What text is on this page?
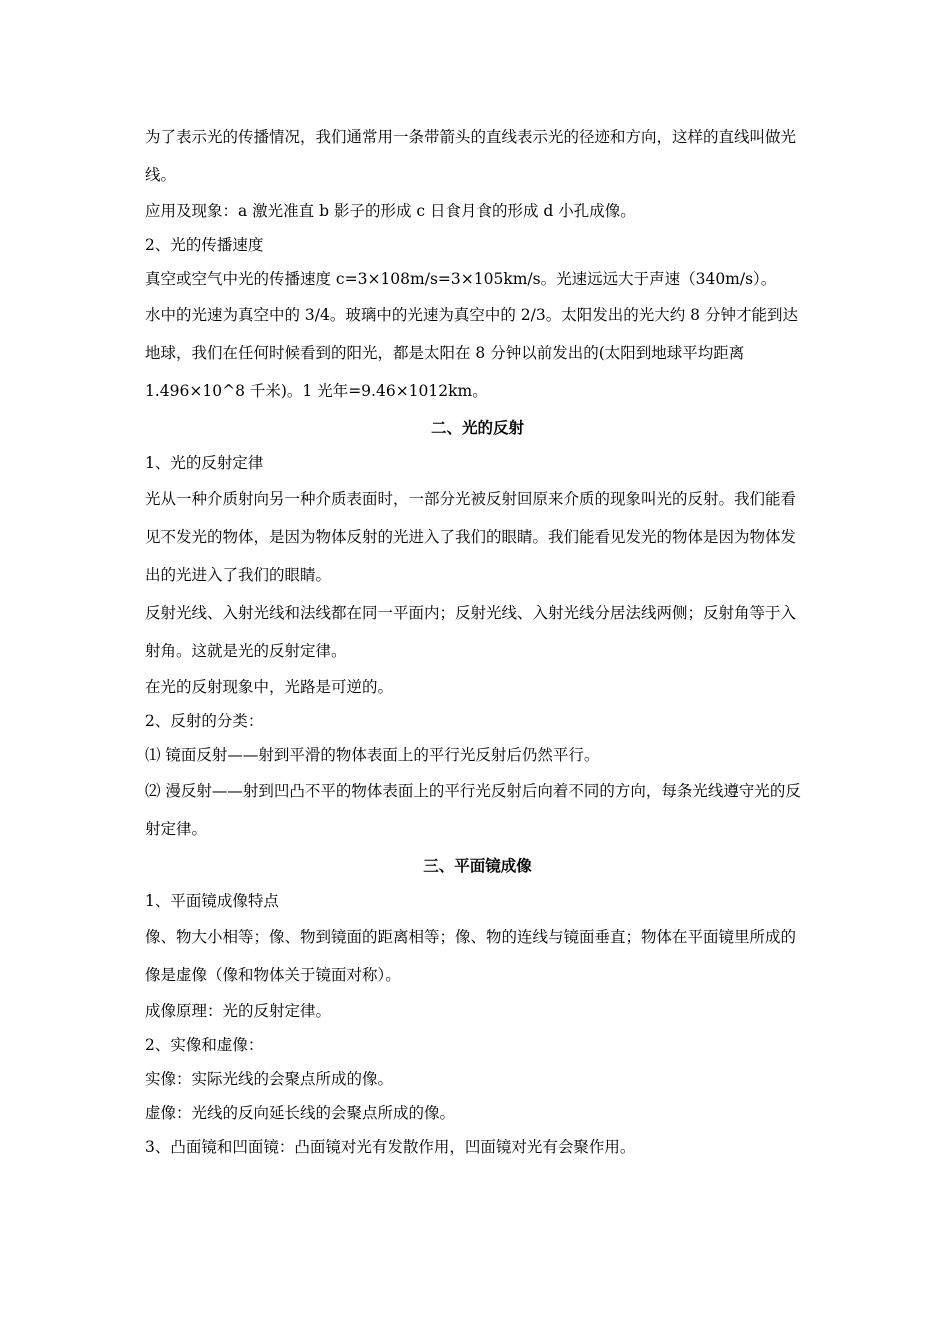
为了表示光的传播情况，我们通常用一条带箭头的直线表示光的径迹和方向，这样的直线叫做光线。

应用及现象：a 激光准直 b 影子的形成 c 日食月食的形成 d 小孔成像。

2、光的传播速度

真空或空气中光的传播速度 c=3×108m/s=3×105km/s。光速远远大于声速（340m/s）。

水中的光速为真空中的 3/4。玻璃中的光速为真空中的 2/3。太阳发出的光大约 8 分钟才能到达地球，我们在任何时候看到的阳光，都是太阳在 8 分钟以前发出的(太阳到地球平均距离 1.496×10^8 千米)。1 光年=9.46×1012km。

二、光的反射

1、光的反射定律

光从一种介质射向另一种介质表面时，一部分光被反射回原来介质的现象叫光的反射。我们能看见不发光的物体，是因为物体反射的光进入了我们的眼睛。我们能看见发光的物体是因为物体发出的光进入了我们的眼睛。

反射光线、入射光线和法线都在同一平面内；反射光线、入射光线分居法线两侧；反射角等于入射角。这就是光的反射定律。

在光的反射现象中，光路是可逆的。

2、反射的分类：

⑴ 镜面反射——射到平滑的物体表面上的平行光反射后仍然平行。

⑵ 漫反射——射到凹凸不平的物体表面上的平行光反射后向着不同的方向，每条光线遵守光的反射定律。

三、平面镜成像

1、平面镜成像特点

像、物大小相等；像、物到镜面的距离相等；像、物的连线与镜面垂直；物体在平面镜里所成的像是虚像（像和物体关于镜面对称）。

成像原理：光的反射定律。

2、实像和虚像：

实像：实际光线的会聚点所成的像。

虚像：光线的反向延长线的会聚点所成的像。

3、凸面镜和凹面镜：凸面镜对光有发散作用，凹面镜对光有会聚作用。
